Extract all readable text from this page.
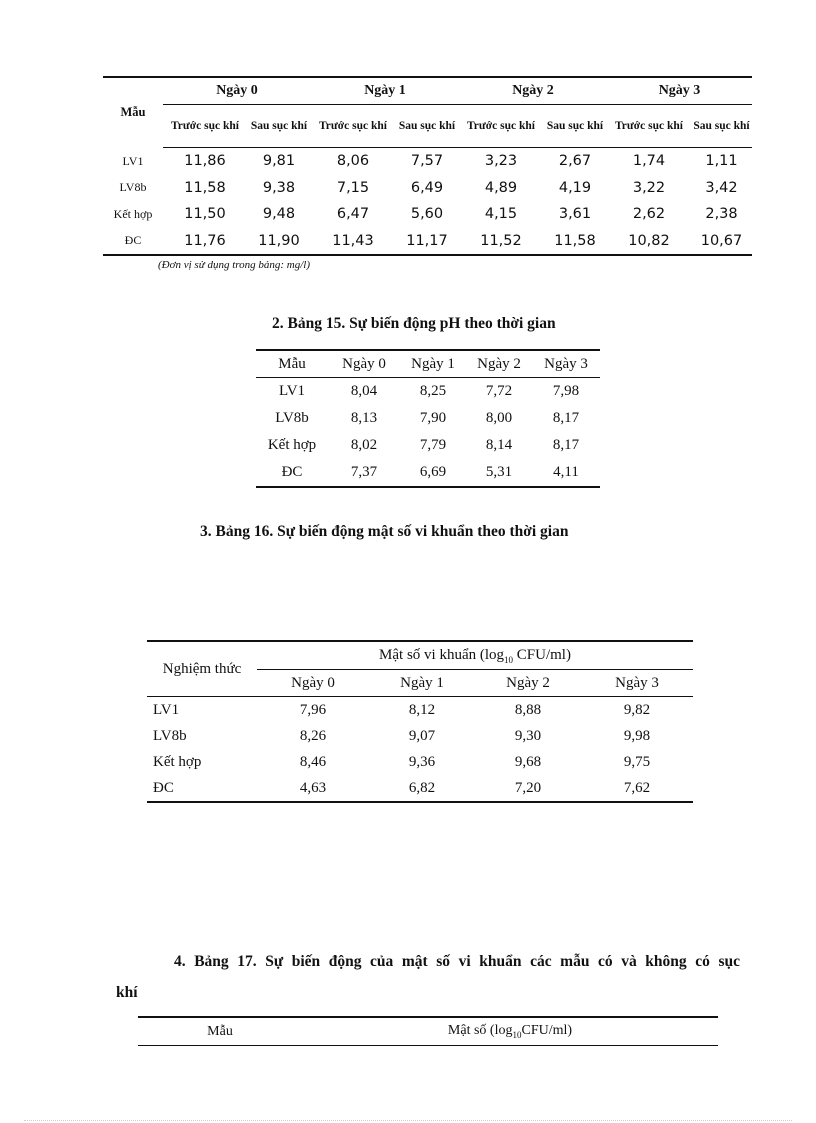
Mẫu	Ngày 0		Ngày 1		Ngày 2		Ngày 3	
	Trước sục khí	Sau sục khí	Trước sục khí	Sau sục khí	Trước sục khí	Sau sục khí	Trước sục khí	Sau sục khí
LV1	11,86	9,81	8,06	7,57	3,23	2,67	1,74	1,11
LV8b	11,58	9,38	7,15	6,49	4,89	4,19	3,22	3,42
Kết hợp	11,50	9,48	6,47	5,60	4,15	3,61	2,62	2,38
ĐC	11,76	11,90	11,43	11,17	11,52	11,58	10,82	10,67
(Đơn vị sử dụng trong bảng: mg/l)
2. Bảng 15. Sự biến động pH theo thời gian
Mẫu	Ngày 0	Ngày 1	Ngày 2	Ngày 3
LV1	8,04	8,25	7,72	7,98
LV8b	8,13	7,90	8,00	8,17
Kết hợp	8,02	7,79	8,14	8,17
ĐC	7,37	6,69	5,31	4,11
3. Bảng 16. Sự biến động mật số vi khuẩn theo thời gian
Nghiệm thức	Mật số vi khuẩn ($\log_{10}$ CFU/ml)			
	Ngày 0	Ngày 1	Ngày 2	Ngày 3
LV1	7,96	8,12	8,88	9,82
LV8b	8,26	9,07	9,30	9,98
Kết hợp	8,46	9,36	9,68	9,75
ĐC	4,63	6,82	7,20	7,62
4. Bảng 17. Sự biến động của mật số vi khuẩn các mẫu có và không có sục
khí
Mẫu	Mật số $(\log_{10}CFU/ml)$
